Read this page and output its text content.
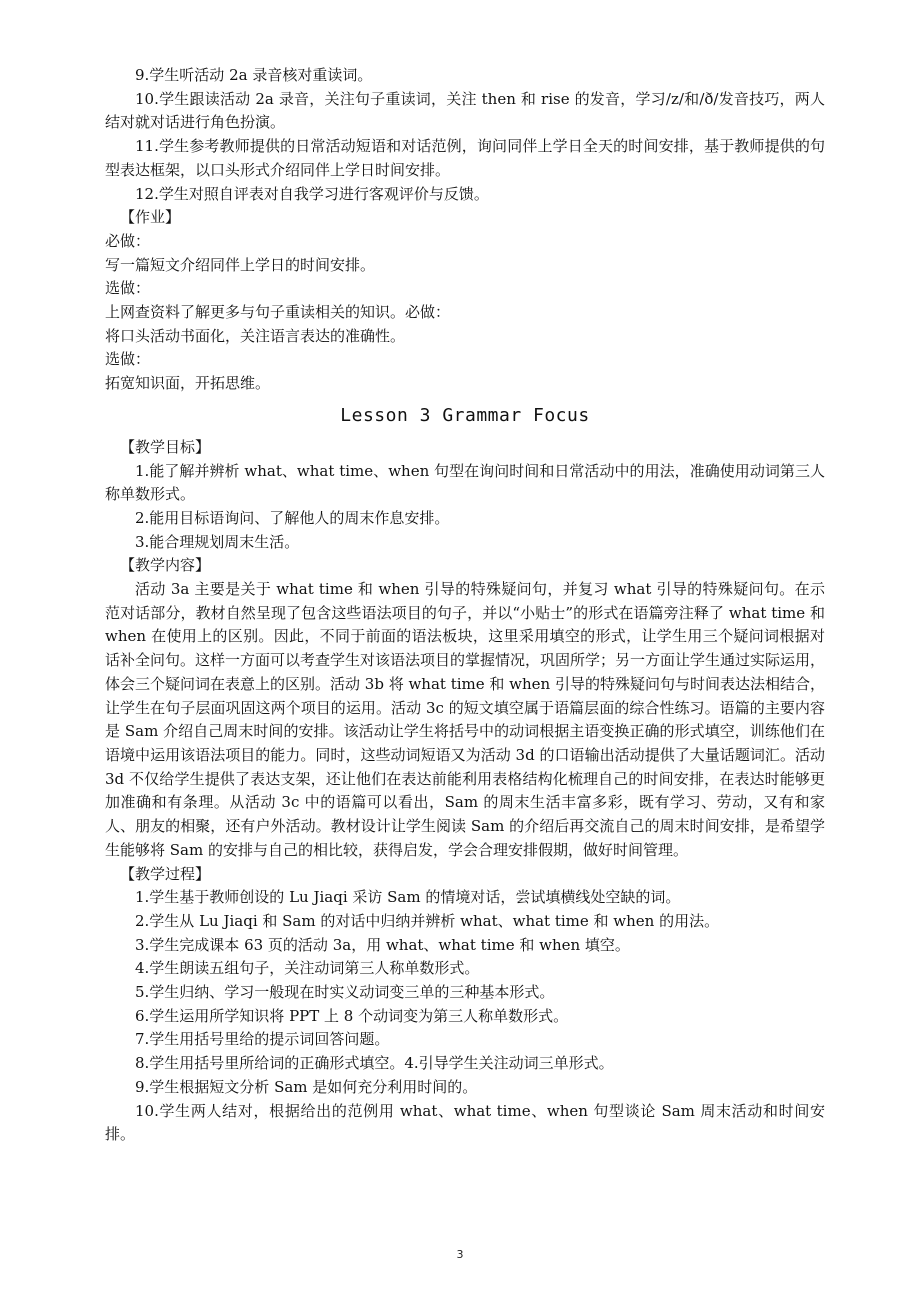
9.学生听活动 2a 录音核对重读词。

10.学生跟读活动 2a 录音，关注句子重读词，关注 then 和 rise 的发音，学习/z/和/ð/发音技巧，两人结对就对话进行角色扮演。

11.学生参考教师提供的日常活动短语和对话范例，询问同伴上学日全天的时间安排，基于教师提供的句型表达框架，以口头形式介绍同伴上学日时间安排。

12.学生对照自评表对自我学习进行客观评价与反馈。

【作业】

必做：

写一篇短文介绍同伴上学日的时间安排。

选做：

上网查资料了解更多与句子重读相关的知识。必做：

将口头活动书面化，关注语言表达的准确性。

选做：

拓宽知识面，开拓思维。

Lesson 3 Grammar Focus

【教学目标】

1.能了解并辨析 what、what time、when 句型在询问时间和日常活动中的用法，准确使用动词第三人称单数形式。

2.能用目标语询问、了解他人的周末作息安排。

3.能合理规划周末生活。

【教学内容】

活动 3a 主要是关于 what time 和 when 引导的特殊疑问句，并复习 what 引导的特殊疑问句。在示范对话部分，教材自然呈现了包含这些语法项目的句子，并以“小贴士”的形式在语篇旁注释了 what time 和 when 在使用上的区别。因此，不同于前面的语法板块，这里采用填空的形式，让学生用三个疑问词根据对话补全问句。这样一方面可以考查学生对该语法项目的掌握情况，巩固所学；另一方面让学生通过实际运用，体会三个疑问词在表意上的区别。活动 3b 将 what time 和 when 引导的特殊疑问句与时间表达法相结合，让学生在句子层面巩固这两个项目的运用。活动 3c 的短文填空属于语篇层面的综合性练习。语篇的主要内容是 Sam 介绍自己周末时间的安排。该活动让学生将括号中的动词根据主语变换正确的形式填空，训练他们在语境中运用该语法项目的能力。同时，这些动词短语又为活动 3d 的口语输出活动提供了大量话题词汇。活动 3d 不仅给学生提供了表达支架，还让他们在表达前能利用表格结构化梳理自己的时间安排，在表达时能够更加准确和有条理。从活动 3c 中的语篇可以看出，Sam 的周末生活丰富多彩，既有学习、劳动，又有和家人、朋友的相聚，还有户外活动。教材设计让学生阅读 Sam 的介绍后再交流自己的周末时间安排，是希望学生能够将 Sam 的安排与自己的相比较，获得启发，学会合理安排假期，做好时间管理。

【教学过程】

1.学生基于教师创设的 Lu Jiaqi 采访 Sam 的情境对话，尝试填横线处空缺的词。

2.学生从 Lu Jiaqi 和 Sam 的对话中归纳并辨析 what、what time 和 when 的用法。

3.学生完成课本 63 页的活动 3a，用 what、what time 和 when 填空。

4.学生朗读五组句子，关注动词第三人称单数形式。

5.学生归纳、学习一般现在时实义动词变三单的三种基本形式。

6.学生运用所学知识将 PPT 上 8 个动词变为第三人称单数形式。

7.学生用括号里给的提示词回答问题。

8.学生用括号里所给词的正确形式填空。4.引导学生关注动词三单形式。

9.学生根据短文分析 Sam 是如何充分利用时间的。

10.学生两人结对，根据给出的范例用 what、what time、when 句型谈论 Sam 周末活动和时间安排。

3
